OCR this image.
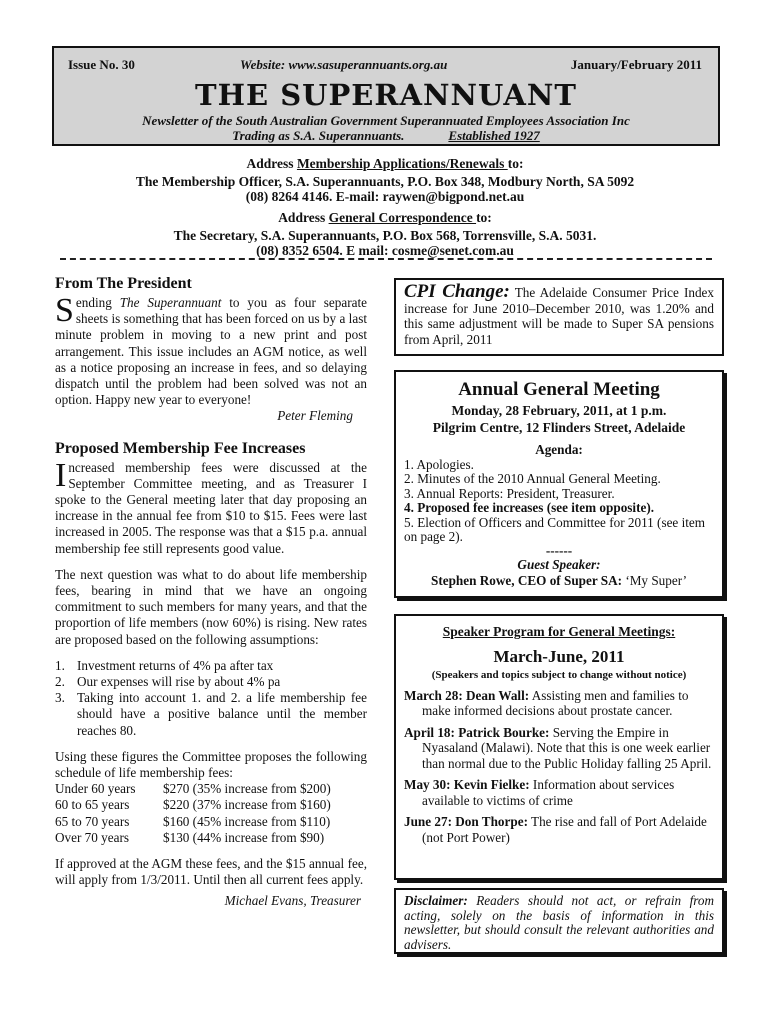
Issue No. 30	Website: www.sasuperannuants.org.au	January/February 2011
THE SUPERANNUANT
Newsletter of the South Australian Government Superannuated Employees Association Inc
Trading as S.A. Superannuants.	Established 1927
Address Membership Applications/Renewals to:
The Membership Officer, S.A. Superannuants, P.O. Box 348, Modbury North, SA 5092
(08) 8264 4146. E-mail: raywen@bigpond.net.au
Address General Correspondence to:
The Secretary, S.A. Superannuants, P.O. Box 568, Torrensville, S.A. 5031.
(08) 8352 6504. E mail: cosme@senet.com.au
From The President

Sending The Superannuant to you as four separate sheets is something that has been forced on us by a last minute problem in moving to a new print and post arrangement. This issue includes an AGM notice, as well as a notice proposing an increase in fees, and so delaying dispatch until the problem had been solved was not an option. Happy new year to everyone!

Peter Fleming
Proposed Membership Fee Increases

Increased membership fees were discussed at the September Committee meeting, and as Treasurer I spoke to the General meeting later that day proposing an increase in the annual fee from $10 to $15. Fees were last increased in 2005. The response was that a $15 p.a. annual membership fee still represents good value.

The next question was what to do about life membership fees, bearing in mind that we have an ongoing commitment to such members for many years, and that the proportion of life members (now 60%) is rising. New rates are proposed based on the following assumptions:

1. Investment returns of 4% pa after tax
2. Our expenses will rise by about 4% pa
3. Taking into account 1. and 2. a life membership fee should have a positive balance until the member reaches 80.
Using these figures the Committee proposes the following schedule of life membership fees:
Under 60 years	$270 (35% increase from $200)
60 to 65 years	$220 (37% increase from $160)
65 to 70 years	$160 (45% increase from $110)
Over 70 years	$130 (44% increase from $90)

If approved at the AGM these fees, and the $15 annual fee, will apply from 1/3/2011. Until then all current fees apply.

Michael Evans, Treasurer
CPI Change: The Adelaide Consumer Price Index increase for June 2010–December 2010, was 1.20% and this same adjustment will be made to Super SA pensions from April, 2011
Annual General Meeting
Monday, 28 February, 2011, at 1 p.m.
Pilgrim Centre, 12 Flinders Street, Adelaide
Agenda:
1. Apologies.
2. Minutes of the 2010 Annual General Meeting.
3. Annual Reports: President, Treasurer.
4. Proposed fee increases (see item opposite).
5. Election of Officers and Committee for 2011 (see item on page 2).
------
Guest Speaker:
Stephen Rowe, CEO of Super SA: ‘My Super’
Speaker Program for General Meetings:
March-June, 2011
(Speakers and topics subject to change without notice)
March 28: Dean Wall: Assisting men and families to make informed decisions about prostate cancer.
April 18: Patrick Bourke: Serving the Empire in Nyasaland (Malawi). Note that this is one week earlier than normal due to the Public Holiday falling 25 April.
May 30: Kevin Fielke: Information about services available to victims of crime
June 27: Don Thorpe: The rise and fall of Port Adelaide (not Port Power)
Disclaimer: Readers should not act, or refrain from acting, solely on the basis of information in this newsletter, but should consult the relevant authorities and advisers.
